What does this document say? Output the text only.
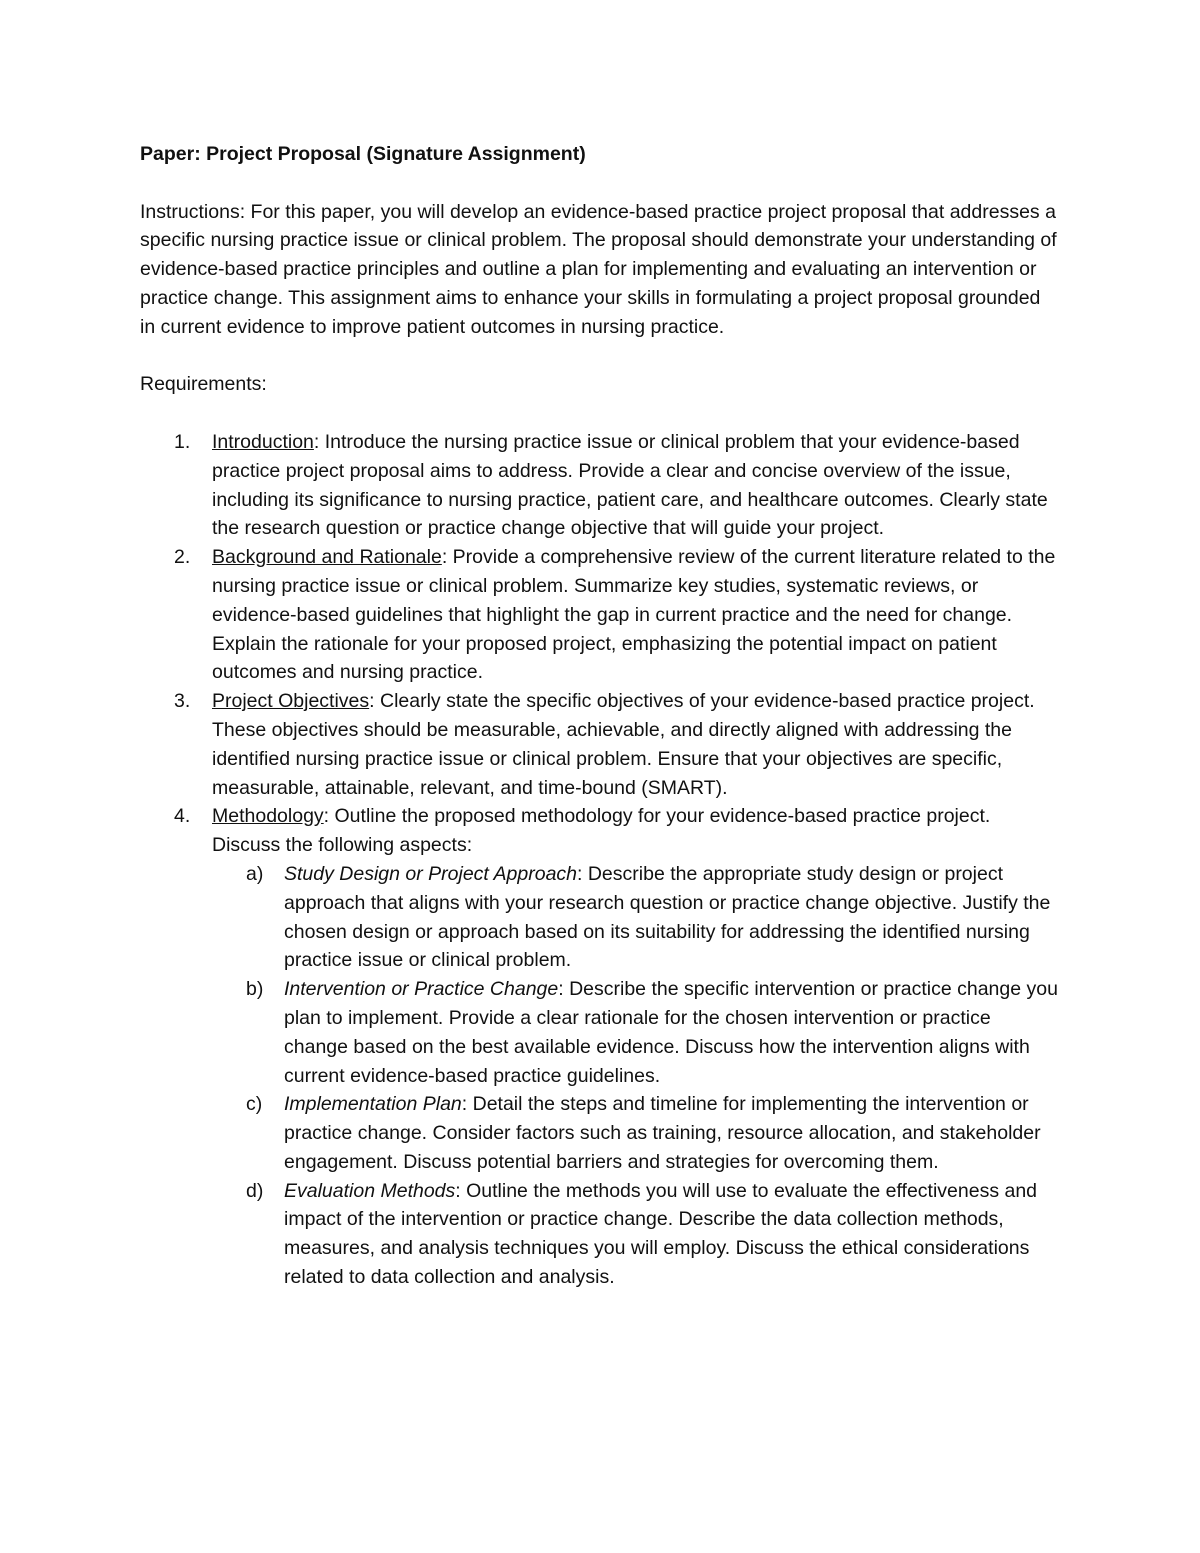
Paper: Project Proposal (Signature Assignment)

Instructions: For this paper, you will develop an evidence-based practice project proposal that addresses a specific nursing practice issue or clinical problem. The proposal should demonstrate your understanding of evidence-based practice principles and outline a plan for implementing and evaluating an intervention or practice change. This assignment aims to enhance your skills in formulating a project proposal grounded in current evidence to improve patient outcomes in nursing practice.

Requirements:

1. Introduction: Introduce the nursing practice issue or clinical problem that your evidence-based practice project proposal aims to address. Provide a clear and concise overview of the issue, including its significance to nursing practice, patient care, and healthcare outcomes. Clearly state the research question or practice change objective that will guide your project.
2. Background and Rationale: Provide a comprehensive review of the current literature related to the nursing practice issue or clinical problem. Summarize key studies, systematic reviews, or evidence-based guidelines that highlight the gap in current practice and the need for change. Explain the rationale for your proposed project, emphasizing the potential impact on patient outcomes and nursing practice.
3. Project Objectives: Clearly state the specific objectives of your evidence-based practice project. These objectives should be measurable, achievable, and directly aligned with addressing the identified nursing practice issue or clinical problem. Ensure that your objectives are specific, measurable, attainable, relevant, and time-bound (SMART).
4. Methodology: Outline the proposed methodology for your evidence-based practice project. Discuss the following aspects:
a) Study Design or Project Approach: Describe the appropriate study design or project approach that aligns with your research question or practice change objective. Justify the chosen design or approach based on its suitability for addressing the identified nursing practice issue or clinical problem.
b) Intervention or Practice Change: Describe the specific intervention or practice change you plan to implement. Provide a clear rationale for the chosen intervention or practice change based on the best available evidence. Discuss how the intervention aligns with current evidence-based practice guidelines.
c) Implementation Plan: Detail the steps and timeline for implementing the intervention or practice change. Consider factors such as training, resource allocation, and stakeholder engagement. Discuss potential barriers and strategies for overcoming them.
d) Evaluation Methods: Outline the methods you will use to evaluate the effectiveness and impact of the intervention or practice change. Describe the data collection methods, measures, and analysis techniques you will employ. Discuss the ethical considerations related to data collection and analysis.
